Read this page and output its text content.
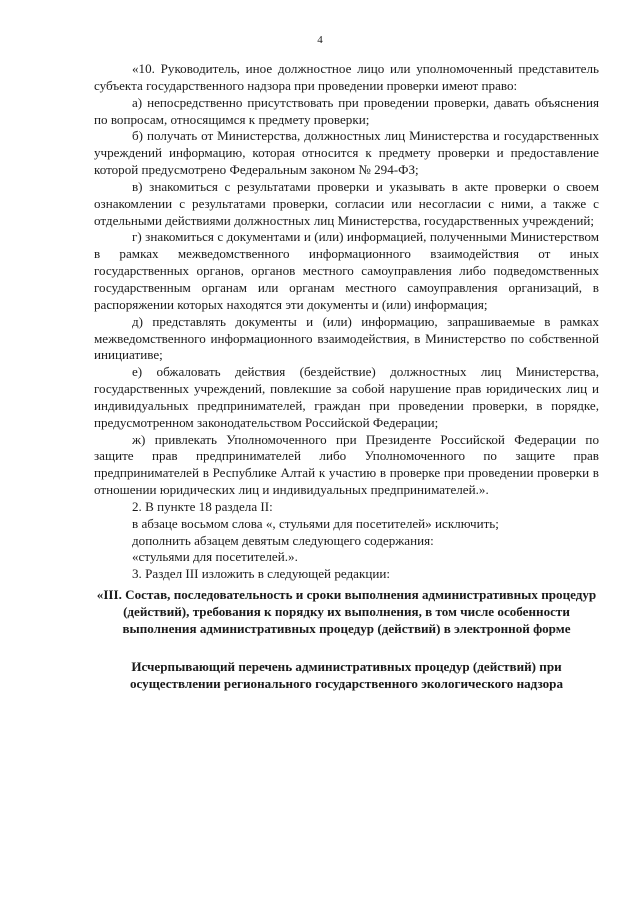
4

«10. Руководитель, иное должностное лицо или уполномоченный представитель субъекта государственного надзора при проведении проверки имеют право:

а) непосредственно присутствовать при проведении проверки, давать объяснения по вопросам, относящимся к предмету проверки;

б) получать от Министерства, должностных лиц Министерства и государственных учреждений информацию, которая относится к предмету проверки и предоставление которой предусмотрено Федеральным законом № 294-ФЗ;

в) знакомиться с результатами проверки и указывать в акте проверки о своем ознакомлении с результатами проверки, согласии или несогласии с ними, а также с отдельными действиями должностных лиц Министерства, государственных учреждений;

г) знакомиться с документами и (или) информацией, полученными Министерством в рамках межведомственного информационного взаимодействия от иных государственных органов, органов местного самоуправления либо подведомственных государственным органам или органам местного самоуправления организаций, в распоряжении которых находятся эти документы и (или) информация;

д) представлять документы и (или) информацию, запрашиваемые в рамках межведомственного информационного взаимодействия, в Министерство по собственной инициативе;

е) обжаловать действия (бездействие) должностных лиц Министерства, государственных учреждений, повлекшие за собой нарушение прав юридических лиц и индивидуальных предпринимателей, граждан при проведении проверки, в порядке, предусмотренном законодательством Российской Федерации;

ж) привлекать Уполномоченного при Президенте Российской Федерации по защите прав предпринимателей либо Уполномоченного по защите прав предпринимателей в Республике Алтай к участию в проверке при проведении проверки в отношении юридических лиц и индивидуальных предпринимателей.».

2. В пункте 18 раздела II:

в абзаце восьмом слова «, стульями для посетителей» исключить;

дополнить абзацем девятым следующего содержания:

«стульями для посетителей.».

3. Раздел III изложить в следующей редакции:

«III. Состав, последовательность и сроки выполнения административных процедур (действий), требования к порядку их выполнения, в том числе особенности выполнения административных процедур (действий) в электронной форме

Исчерпывающий перечень административных процедур (действий) при осуществлении регионального государственного экологического надзора
